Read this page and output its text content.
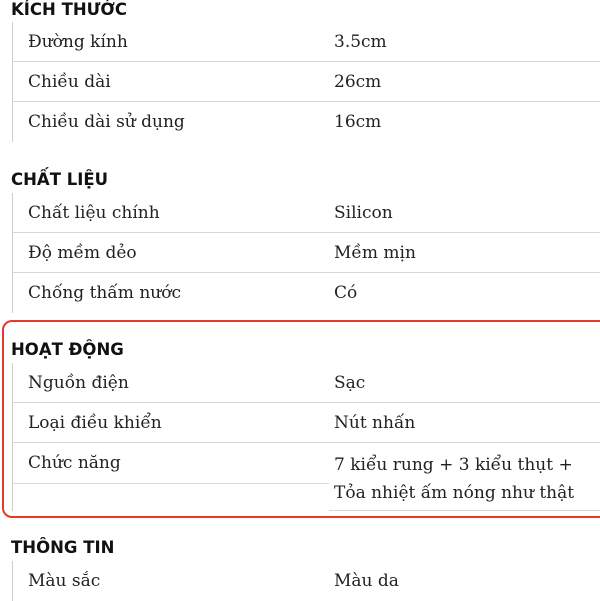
KÍCH THƯỚC
Đường kính	3.5cm
Chiều dài	26cm
Chiều dài sử dụng	16cm
CHẤT LIỆU
Chất liệu chính	Silicon
Độ mềm dẻo	Mềm mịn
Chống thấm nước	Có
HOẠT ĐỘNG
Nguồn điện	Sạc
Loại điều khiển	Nút nhấn
Chức năng	7 kiểu rung + 3 kiểu thụt + Tỏa nhiệt ấm nóng như thật
THÔNG TIN
Màu sắc	Màu da
